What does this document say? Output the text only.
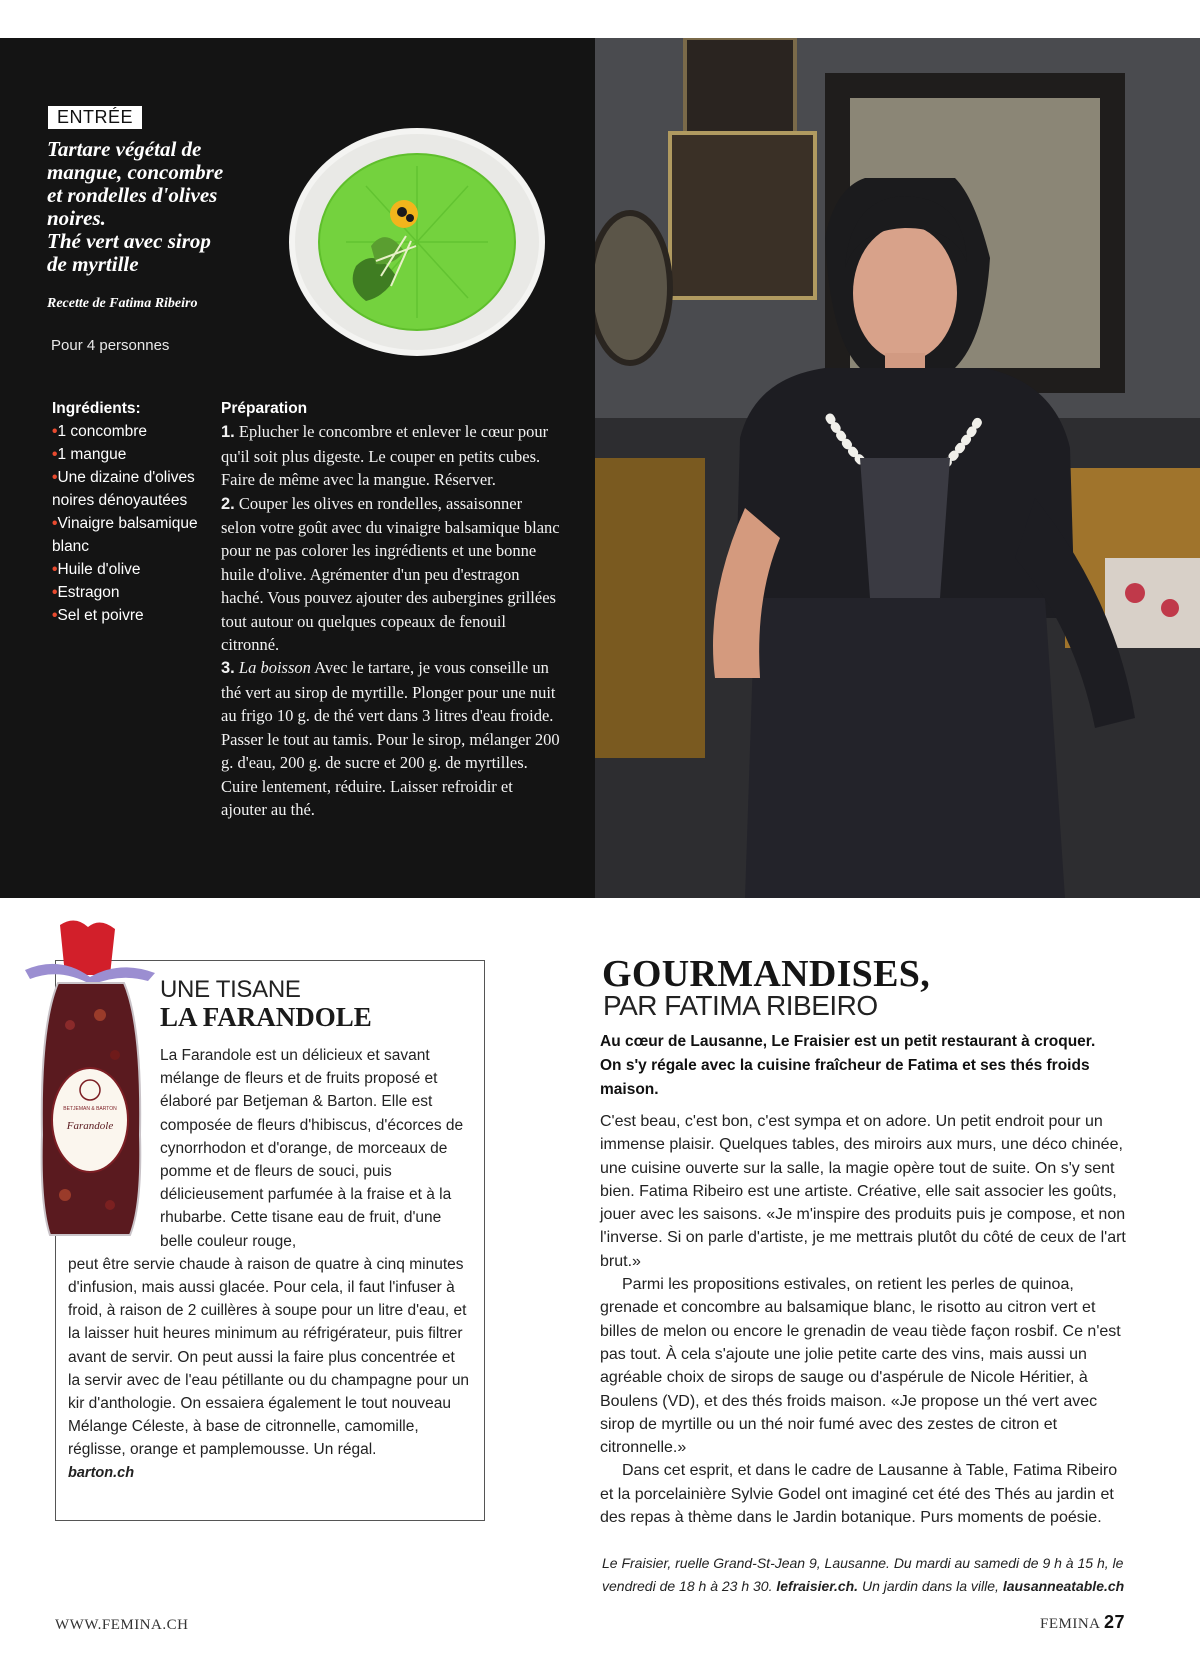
ENTRÉE
Tartare végétal de
mangue, concombre
et rondelles d'olives
noires.
Thé vert avec sirop
de myrtille
Recette de Fatima Ribeiro
Pour 4 personnes
Ingrédients:
•1 concombre
•1 mangue
•Une dizaine d'olives noires dénoyautées
•Vinaigre balsamique blanc
•Huile d'olive
•Estragon
•Sel et poivre
Préparation

1. Eplucher le concombre et enlever le cœur pour qu'il soit plus digeste. Le couper en petits cubes. Faire de même avec la mangue. Réserver.

2. Couper les olives en rondelles, assaisonner selon votre goût avec du vinaigre balsamique blanc pour ne pas colorer les ingrédients et une bonne huile d'olive. Agrémenter d'un peu d'estragon haché. Vous pouvez ajouter des aubergines grillées tout autour ou quelques copeaux de fenouil citronné.

3. La boisson Avec le tartare, je vous conseille un thé vert au sirop de myrtille. Plonger pour une nuit au frigo 10 g. de thé vert dans 3 litres d'eau froide. Passer le tout au tamis. Pour le sirop, mélanger 200 g. d'eau, 200 g. de sucre et 200 g. de myrtilles. Cuire lentement, réduire. Laisser refroidir et ajouter au thé.

BETJEMAN & BARTON
Farandole
UNE TISANE
LA FARANDOLE
La Farandole est un délicieux et savant mélange de fleurs et de fruits proposé et élaboré par Betjeman & Barton. Elle est composée de fleurs d'hibiscus, d'écorces de cynorrhodon et d'orange, de morceaux de pomme et de fleurs de souci, puis délicieusement parfumée à la fraise et à la rhubarbe. Cette tisane eau de fruit, d'une belle couleur rouge,
peut être servie chaude à raison de quatre à cinq minutes d'infusion, mais aussi glacée. Pour cela, il faut l'infuser à froid, à raison de 2 cuillères à soupe pour un litre d'eau, et la laisser huit heures minimum au réfrigérateur, puis filtrer avant de servir. On peut aussi la faire plus concentrée et la servir avec de l'eau pétillante ou du champagne pour un kir d'anthologie. On essaiera également le tout nouveau Mélange Céleste, à base de citronnelle, camomille, réglisse, orange et pamplemousse. Un régal.
barton.ch
GOURMANDISES,
PAR FATIMA RIBEIRO
Au cœur de Lausanne, Le Fraisier est un petit restaurant à croquer. On s'y régale avec la cuisine fraîcheur de Fatima et ses thés froids maison.

C'est beau, c'est bon, c'est sympa et on adore. Un petit endroit pour un immense plaisir. Quelques tables, des miroirs aux murs, une déco chinée, une cuisine ouverte sur la salle, la magie opère tout de suite. On s'y sent bien. Fatima Ribeiro est une artiste. Créative, elle sait associer les goûts, jouer avec les saisons. «Je m'inspire des produits puis je compose, et non l'inverse. Si on parle d'artiste, je me mettrais plutôt du côté de ceux de l'art brut.»

Parmi les propositions estivales, on retient les perles de quinoa, grenade et concombre au balsamique blanc, le risotto au citron vert et billes de melon ou encore le grenadin de veau tiède façon rosbif. Ce n'est pas tout. À cela s'ajoute une jolie petite carte des vins, mais aussi un agréable choix de sirops de sauge ou d'aspérule de Nicole Héritier, à Boulens (VD), et des thés froids maison. «Je propose un thé vert avec sirop de myrtille ou un thé noir fumé avec des zestes de citron et citronnelle.»

Dans cet esprit, et dans le cadre de Lausanne à Table, Fatima Ribeiro et la porcelainière Sylvie Godel ont imaginé cet été des Thés au jardin et des repas à thème dans le Jardin botanique. Purs moments de poésie.

Le Fraisier, ruelle Grand-St-Jean 9, Lausanne. Du mardi au samedi de 9 h à 15 h, le vendredi de 18 h à 23 h 30. lefraisier.ch. Un jardin dans la ville, lausanneatable.ch
WWW.FEMINA.CH	FEMINA 27
